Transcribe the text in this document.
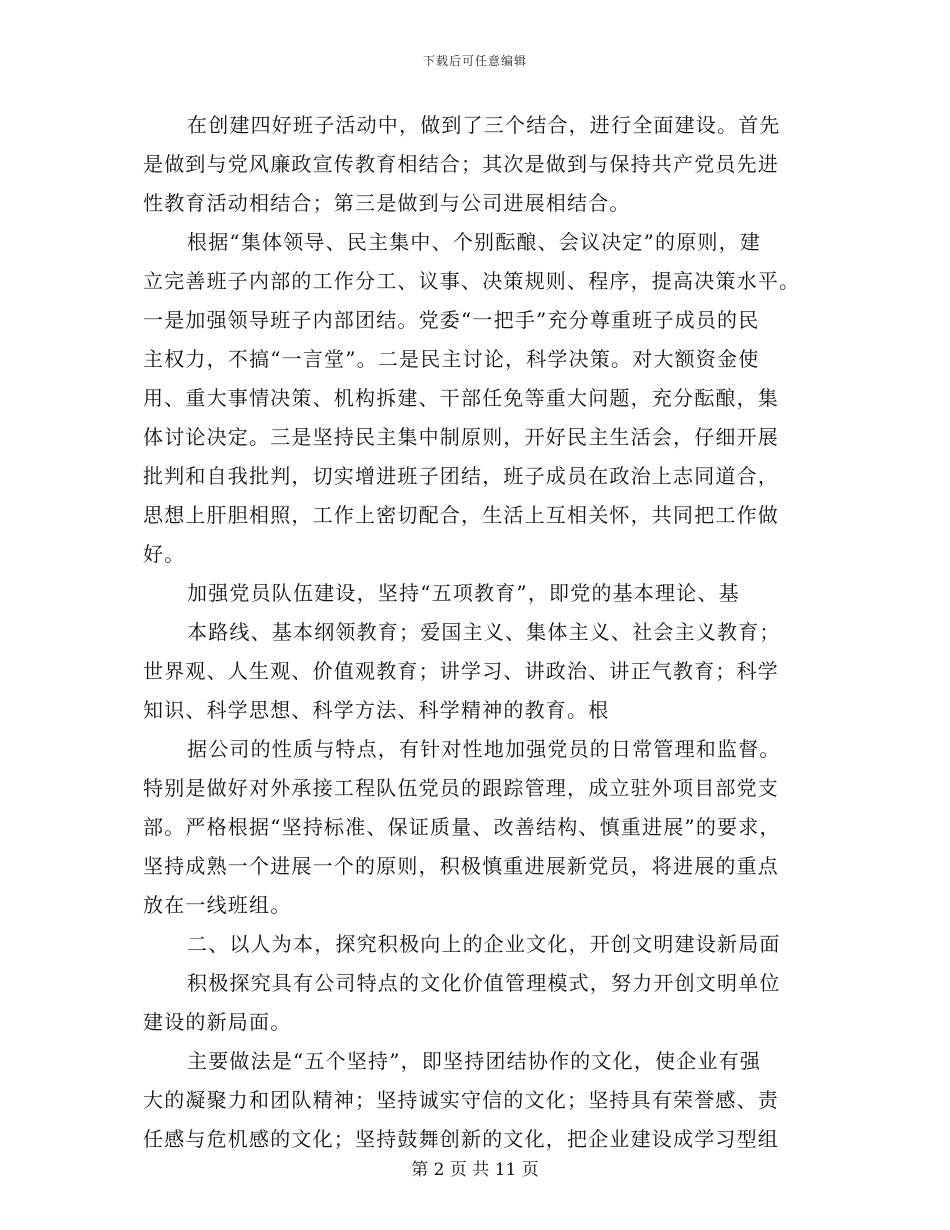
下载后可任意编辑
在创建四好班子活动中，做到了三个结合，进行全面建设。首先
是做到与党风廉政宣传教育相结合；其次是做到与保持共产党员先进
性教育活动相结合；第三是做到与公司进展相结合。
根据“集体领导、民主集中、个别酝酿、会议决定”的原则，建
立完善班子内部的工作分工、议事、决策规则、程序，提高决策水平。
一是加强领导班子内部团结。党委“一把手”充分尊重班子成员的民
主权力，不搞“一言堂”。二是民主讨论，科学决策。对大额资金使
用、重大事情决策、机构拆建、干部任免等重大问题，充分酝酿，集
体讨论决定。三是坚持民主集中制原则，开好民主生活会，仔细开展
批判和自我批判，切实增进班子团结，班子成员在政治上志同道合，
思想上肝胆相照，工作上密切配合，生活上互相关怀，共同把工作做
好。
加强党员队伍建设，坚持“五项教育”，即党的基本理论、基
本路线、基本纲领教育；爱国主义、集体主义、社会主义教育；
世界观、人生观、价值观教育；讲学习、讲政治、讲正气教育；科学
知识、科学思想、科学方法、科学精神的教育。根
据公司的性质与特点，有针对性地加强党员的日常管理和监督。
特别是做好对外承接工程队伍党员的跟踪管理，成立驻外项目部党支
部。严格根据“坚持标准、保证质量、改善结构、慎重进展”的要求，
坚持成熟一个进展一个的原则，积极慎重进展新党员，将进展的重点
放在一线班组。
二、以人为本，探究积极向上的企业文化，开创文明建设新局面
积极探究具有公司特点的文化价值管理模式，努力开创文明单位
建设的新局面。
主要做法是“五个坚持”，即坚持团结协作的文化，使企业有强
大的凝聚力和团队精神；坚持诚实守信的文化；坚持具有荣誉感、责
任感与危机感的文化；坚持鼓舞创新的文化，把企业建设成学习型组
第 2 页 共 11 页
